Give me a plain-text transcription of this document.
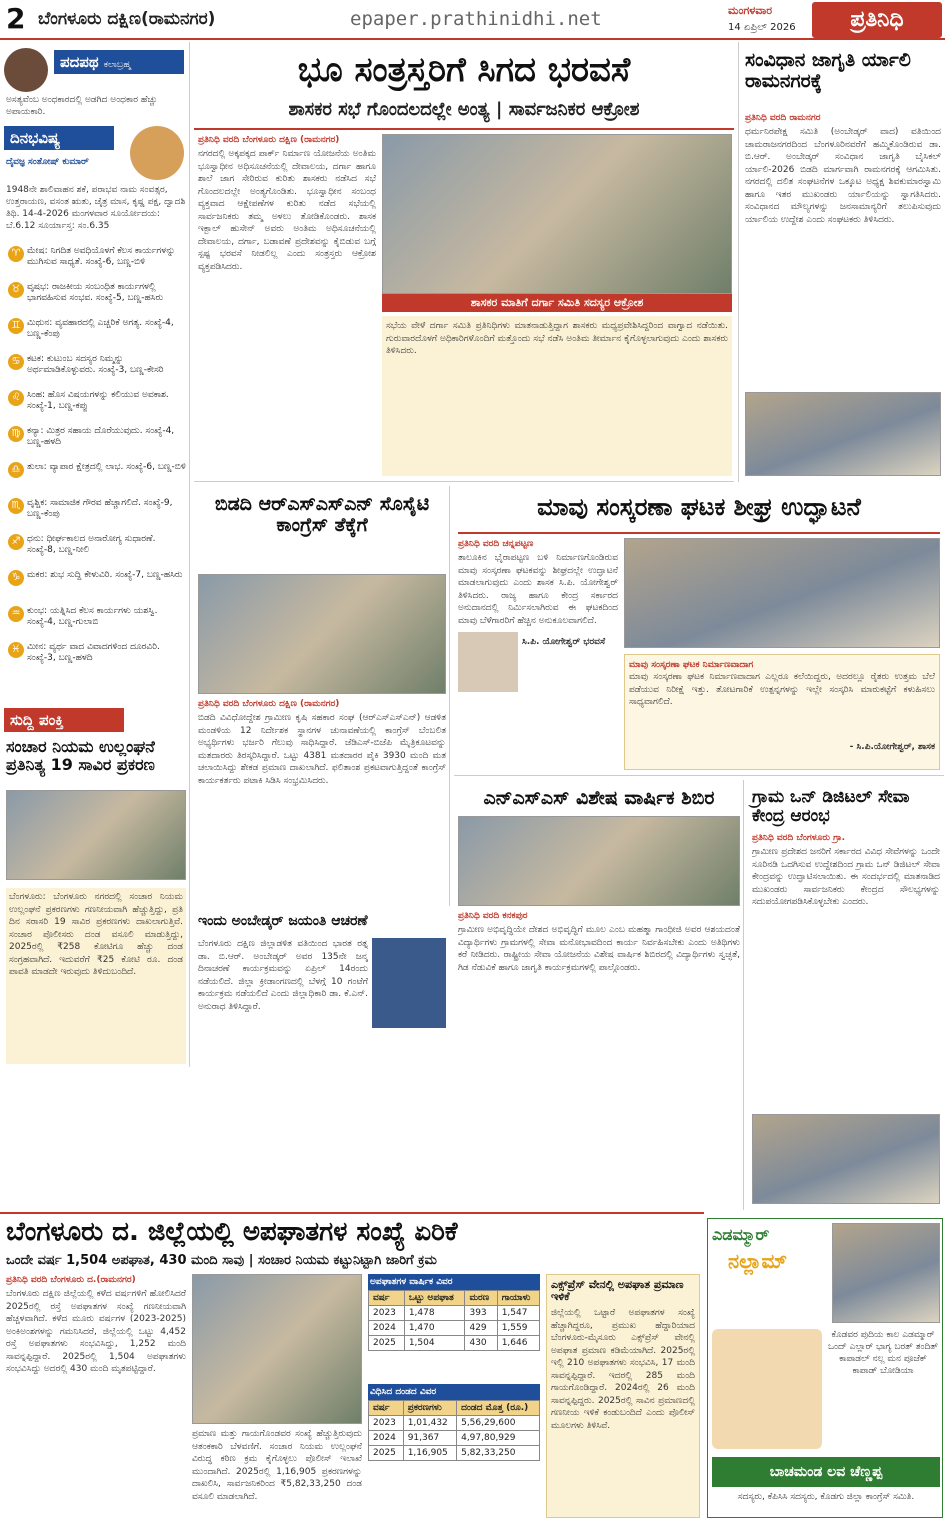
2 ಬೆಂಗಳೂರು ದಕ್ಷಿಣ(ರಾಮನಗರ)	epaper.prathinidhi.net	ಮಂಗಳವಾರ
14 ಏಪ್ರಿಲ್ 2026	ಪ್ರತಿನಿಧಿ
ಪದಪಥ ಕಲಾಬ್ರಹ್ಮ
ಅಸತ್ಯವೆಂಬ ಅಂಧಕಾರದಲ್ಲಿ ಅಡಗಿದ ಅಂಧಕಾರ ಹೆಚ್ಚು ಅಪಾಯಕಾರಿ.
ದಿನಭವಿಷ್ಯ
ದೈವಜ್ಞ ಸಂತೋಷ್ ಕುಮಾರ್
1948ನೇ ಶಾಲಿವಾಹನ ಶಕೆ, ಪರಾಭವ ನಾಮ ಸಂವತ್ಸರ, ಉತ್ತರಾಯಣ, ವಸಂತ ಋತು, ಚೈತ್ರ ಮಾಸ, ಕೃಷ್ಣ ಪಕ್ಷ, ದ್ವಾದಶಿ ತಿಥಿ. 14-4-2026 ಮಂಗಳವಾರ ಸೂರ್ಯೋದಯ: ಬೆ.6.12 ಸೂರ್ಯಾಸ್ತ: ಸಂ.6.35
♈ ಮೇಷ: ನಿಗದಿತ ಅವಧಿಯೊಳಗೆ ಕೆಲಸ ಕಾರ್ಯಗಳನ್ನು ಮುಗಿಸುವ ಸಾಧ್ಯತೆ. ಸಂಖ್ಯೆ-6, ಬಣ್ಣ-ಬಿಳಿ
♉ ವೃಷಭ: ರಾಜಕೀಯ ಸಂಬಂಧಿತ ಕಾರ್ಯಗಳಲ್ಲಿ ಭಾಗವಹಿಸುವ ಸಂಭವ. ಸಂಖ್ಯೆ-5, ಬಣ್ಣ-ಹಸಿರು
♊ ಮಿಥುನ: ವ್ಯವಹಾರದಲ್ಲಿ ಎಚ್ಚರಿಕೆ ಅಗತ್ಯ. ಸಂಖ್ಯೆ-4, ಬಣ್ಣ-ಕೆಂಪು
♋ ಕಟಕ: ಕುಟುಂಬ ಸದಸ್ಯರ ನಿಮ್ಮನ್ನು ಅರ್ಥಮಾಡಿಕೊಳ್ಳುವರು. ಸಂಖ್ಯೆ-3, ಬಣ್ಣ-ಕೇಸರಿ
♌ ಸಿಂಹ: ಹೊಸ ವಿಷಯಗಳನ್ನು ಕಲಿಯುವ ಅವಕಾಶ. ಸಂಖ್ಯೆ-1, ಬಣ್ಣ-ಕಪ್ಪು
♍ ಕನ್ಯಾ: ಮಿತ್ರರ ಸಹಾಯ ದೊರೆಯುವುದು. ಸಂಖ್ಯೆ-4, ಬಣ್ಣ-ಹಳದಿ
♎ ತುಲಾ: ವ್ಯಾಪಾರ ಕ್ಷೇತ್ರದಲ್ಲಿ ಲಾಭ. ಸಂಖ್ಯೆ-6, ಬಣ್ಣ-ಬಿಳಿ
♏ ವೃಶ್ಚಿಕ: ಸಾಮಾಜಿಕ ಗೌರವ ಹೆಚ್ಚಾಗಲಿದೆ. ಸಂಖ್ಯೆ-9, ಬಣ್ಣ-ಕೆಂಪು
♐ ಧನು: ಧೀರ್ಘಕಾಲದ ಅನಾರೋಗ್ಯ ಸುಧಾರಣೆ. ಸಂಖ್ಯೆ-8, ಬಣ್ಣ-ನೀಲಿ
♑ ಮಕರ: ಶುಭ ಸುದ್ದಿ ಕೇಳುವಿರಿ. ಸಂಖ್ಯೆ-7, ಬಣ್ಣ-ಹಸಿರು
♒ ಕುಂಭ: ಯತ್ನಿಸಿದ ಕೆಲಸ ಕಾರ್ಯಗಳು ಯಶಸ್ವಿ. ಸಂಖ್ಯೆ-4, ಬಣ್ಣ-ಗುಲಾಬಿ
♓ ಮೀನ: ವ್ಯರ್ಥ ವಾದ ವಿವಾದಗಳಿಂದ ದೂರವಿರಿ. ಸಂಖ್ಯೆ-3, ಬಣ್ಣ-ಹಳದಿ
ಸುದ್ದಿ ಪಂಕ್ತಿ
ಸಂಚಾರ ನಿಯಮ ಉಲ್ಲಂಘನೆ ಪ್ರತಿನಿತ್ಯ 19 ಸಾವಿರ ಪ್ರಕರಣ
ಬೆಂಗಳೂರು: ಬೆಂಗಳೂರು ನಗರದಲ್ಲಿ ಸಂಚಾರ ನಿಯಮ ಉಲ್ಲಂಘನೆ ಪ್ರಕರಣಗಳು ಗಣನೀಯವಾಗಿ ಹೆಚ್ಚುತ್ತಿದ್ದು, ಪ್ರತಿ ದಿನ ಸರಾಸರಿ 19 ಸಾವಿರ ಪ್ರಕರಣಗಳು ದಾಖಲಾಗುತ್ತಿವೆ. ಸಂಚಾರ ಪೊಲೀಸರು ದಂಡ ವಸೂಲಿ ಮಾಡುತ್ತಿದ್ದು, 2025ರಲ್ಲಿ ₹258 ಕೋಟಿಗೂ ಹೆಚ್ಚು ದಂಡ ಸಂಗ್ರಹವಾಗಿದೆ. ಇದುವರೆಗೆ ₹25 ಕೋಟಿ ರೂ. ದಂಡ ಪಾವತಿ ಮಾಡದೇ ಇರುವುದು ತಿಳಿದುಬಂದಿದೆ.
ಭೂ ಸಂತ್ರಸ್ತರಿಗೆ ಸಿಗದ ಭರವಸೆ
ಶಾಸಕರ ಸಭೆ ಗೊಂದಲದಲ್ಲೇ ಅಂತ್ಯ | ಸಾರ್ವಜನಿಕರ ಆಕ್ರೋಶ
ಪ್ರತಿನಿಧಿ ವರದಿ ಬೆಂಗಳೂರು ದಕ್ಷಿಣ (ರಾಮನಗರ)
ನಗರದಲ್ಲಿ ಅಕ್ಕಪಕ್ಕದ ಪಾರ್ಕ್ ನಿರ್ಮಾಣ ಯೋಜನೆಯ ಅಂತಿಮ ಭೂಸ್ವಾಧೀನ ಅಧಿಸೂಚನೆಯಲ್ಲಿ ದೇವಾಲಯ, ದರ್ಗಾ ಹಾಗೂ ಶಾಲೆ ಜಾಗ ಸೇರಿರುವ ಕುರಿತು ಶಾಸಕರು ನಡೆಸಿದ ಸಭೆ ಗೊಂದಲದಲ್ಲೇ ಅಂತ್ಯಗೊಂಡಿತು. ಭೂಸ್ವಾಧೀನ ಸಂಬಂಧ ವ್ಯಕ್ತವಾದ ಆಕ್ಷೇಪಣೆಗಳ ಕುರಿತು ನಡೆದ ಸಭೆಯಲ್ಲಿ ಸಾರ್ವಜನಿಕರು ತಮ್ಮ ಅಳಲು ತೋಡಿಕೊಂಡರು. ಶಾಸಕ ಇಕ್ಬಾಲ್ ಹುಸೇನ್ ಅವರು ಅಂತಿಮ ಅಧಿಸೂಚನೆಯಲ್ಲಿ ದೇವಾಲಯ, ದರ್ಗಾ, ಬಡಾವಣೆ ಪ್ರದೇಶವನ್ನು ಕೈಬಿಡುವ ಬಗ್ಗೆ ಸ್ಪಷ್ಟ ಭರವಸೆ ನೀಡಲಿಲ್ಲ ಎಂದು ಸಂತ್ರಸ್ತರು ಆಕ್ರೋಶ ವ್ಯಕ್ತಪಡಿಸಿದರು.
ಶಾಸಕರ ಮಾತಿಗೆ ದರ್ಗಾ ಸಮಿತಿ ಸದಸ್ಯರ ಆಕ್ರೋಶ
ಸಭೆಯ ವೇಳೆ ದರ್ಗಾ ಸಮಿತಿ ಪ್ರತಿನಿಧಿಗಳು ಮಾತನಾಡುತ್ತಿದ್ದಾಗ ಶಾಸಕರು ಮಧ್ಯಪ್ರವೇಶಿಸಿದ್ದರಿಂದ ವಾಗ್ವಾದ ನಡೆಯಿತು. ಗುರುವಾರದೊಳಗೆ ಅಧಿಕಾರಿಗಳೊಂದಿಗೆ ಮತ್ತೊಂದು ಸಭೆ ನಡೆಸಿ ಅಂತಿಮ ತೀರ್ಮಾನ ಕೈಗೊಳ್ಳಲಾಗುವುದು ಎಂದು ಶಾಸಕರು ತಿಳಿಸಿದರು.
ಸಂವಿಧಾನ ಜಾಗೃತಿ ರ್ಯಾಲಿ ರಾಮನಗರಕ್ಕೆ
ಪ್ರತಿನಿಧಿ ವರದಿ ರಾಮನಗರ
ಧರ್ಮನಿರಪೇಕ್ಷ ಸಮಿತಿ (ಅಂಬೇಡ್ಕರ್ ವಾದ) ವತಿಯಿಂದ ಚಾಮರಾಜನಗರದಿಂದ ಬೆಂಗಳೂರಿನವರೆಗೆ ಹಮ್ಮಿಕೊಂಡಿರುವ ಡಾ. ಬಿ.ಆರ್. ಅಂಬೇಡ್ಕರ್ ಸಂವಿಧಾನ ಜಾಗೃತಿ ಬೈಸಿಕಲ್ ರ್ಯಾಲಿ-2026 ಬಿಡದಿ ಮಾರ್ಗವಾಗಿ ರಾಮನಗರಕ್ಕೆ ಆಗಮಿಸಿತು. ನಗರದಲ್ಲಿ ದಲಿತ ಸಂಘಟನೆಗಳ ಒಕ್ಕೂಟ ಅಧ್ಯಕ್ಷ ಶಿವಕುಮಾರಸ್ವಾಮಿ ಹಾಗೂ ಇತರ ಮುಖಂಡರು ರ್ಯಾಲಿಯನ್ನು ಸ್ವಾಗತಿಸಿದರು. ಸಂವಿಧಾನದ ಮೌಲ್ಯಗಳನ್ನು ಜನಸಾಮಾನ್ಯರಿಗೆ ತಲುಪಿಸುವುದು ರ್ಯಾಲಿಯ ಉದ್ದೇಶ ಎಂದು ಸಂಘಟಕರು ತಿಳಿಸಿದರು.
ಬಿಡದಿ ಆರ್‌ಎಸ್‌ಎಸ್‌ಎನ್ ಸೊಸೈಟಿ ಕಾಂಗ್ರೆಸ್ ತೆಕ್ಕೆಗೆ
ಪ್ರತಿನಿಧಿ ವರದಿ ಬೆಂಗಳೂರು ದಕ್ಷಿಣ (ರಾಮನಗರ)
ಬಿಡದಿ ವಿವಿಧೋದ್ದೇಶ ಗ್ರಾಮೀಣ ಕೃಷಿ ಸಹಕಾರ ಸಂಘ (ಆರ್‌ಎಸ್‌ಎಸ್‌ಎನ್) ಆಡಳಿತ ಮಂಡಳಿಯ 12 ನಿರ್ದೇಶಕ ಸ್ಥಾನಗಳ ಚುನಾವಣೆಯಲ್ಲಿ ಕಾಂಗ್ರೆಸ್ ಬೆಂಬಲಿತ ಅಭ್ಯರ್ಥಿಗಳು ಭರ್ಜರಿ ಗೆಲುವು ಸಾಧಿಸಿದ್ದಾರೆ. ಜೆಡಿಎಸ್-ಬಿಜೆಪಿ ಮೈತ್ರಿಕೂಟವನ್ನು ಮತದಾರರು ತಿರಸ್ಕರಿಸಿದ್ದಾರೆ. ಒಟ್ಟು 4381 ಮತದಾರರ ಪೈಕಿ 3930 ಮಂದಿ ಮತ ಚಲಾಯಿಸಿದ್ದು ಶೇಕಡ ಪ್ರಮಾಣ ದಾಖಲಾಗಿದೆ. ಫಲಿತಾಂಶ ಪ್ರಕಟವಾಗುತ್ತಿದ್ದಂತೆ ಕಾಂಗ್ರೆಸ್ ಕಾರ್ಯಕರ್ತರು ಪಟಾಕಿ ಸಿಡಿಸಿ ಸಂಭ್ರಮಿಸಿದರು.
ಮಾವು ಸಂಸ್ಕರಣಾ ಘಟಕ ಶೀಘ್ರ ಉದ್ಘಾಟನೆ
ಪ್ರತಿನಿಧಿ ವರದಿ ಚನ್ನಪಟ್ಟಣ
ತಾಲೂಕಿನ ಭೈರಾಪಟ್ಟಣ ಬಳಿ ನಿರ್ಮಾಣಗೊಂಡಿರುವ ಮಾವು ಸಂಸ್ಕರಣಾ ಘಟಕವನ್ನು ಶೀಘ್ರದಲ್ಲೇ ಉದ್ಘಾಟನೆ ಮಾಡಲಾಗುವುದು ಎಂದು ಶಾಸಕ ಸಿ.ಪಿ. ಯೋಗೇಶ್ವರ್ ತಿಳಿಸಿದರು. ರಾಜ್ಯ ಹಾಗೂ ಕೇಂದ್ರ ಸರ್ಕಾರದ ಅನುದಾನದಲ್ಲಿ ನಿರ್ಮಿಸಲಾಗಿರುವ ಈ ಘಟಕದಿಂದ ಮಾವು ಬೆಳೆಗಾರರಿಗೆ ಹೆಚ್ಚಿನ ಅನುಕೂಲವಾಗಲಿದೆ.
ಸಿ.ಪಿ. ಯೋಗೇಶ್ವರ್ ಭರವಸೆ
ಮಾವು ಸಂಸ್ಕರಣಾ ಘಟಕ ನಿರ್ಮಾಣವಾದಾಗ
ಮಾವು ಸಂಸ್ಕರಣಾ ಘಟಕ ನಿರ್ಮಾಣವಾದಾಗ ಎಲ್ಲರೂ ಕಲೆಯಿದ್ದರು, ಅದರಲ್ಲೂ ರೈತರು ಉತ್ತಮ ಬೆಲೆ ಪಡೆಯುವ ನಿರೀಕ್ಷೆ ಇತ್ತು. ತೋಟಗಾರಿಕೆ ಉತ್ಪನ್ನಗಳನ್ನು ಇಲ್ಲೇ ಸಂಸ್ಕರಿಸಿ ಮಾರುಕಟ್ಟೆಗೆ ಕಳುಹಿಸಲು ಸಾಧ್ಯವಾಗಲಿದೆ.
- ಸಿ.ಪಿ.ಯೋಗೇಶ್ವರ್, ಶಾಸಕ
ಎನ್‌ಎಸ್‌ಎಸ್ ವಿಶೇಷ ವಾರ್ಷಿಕ ಶಿಬಿರ
ಪ್ರತಿನಿಧಿ ವರದಿ ಕನಕಪುರ
ಗ್ರಾಮೀಣ ಅಭಿವೃದ್ಧಿಯೇ ದೇಶದ ಅಭಿವೃದ್ಧಿಗೆ ಮೂಲ ಎಂಬ ಮಹತ್ಮಾ ಗಾಂಧೀಜಿ ಅವರ ಆಶಯದಂತೆ ವಿದ್ಯಾರ್ಥಿಗಳು ಗ್ರಾಮಗಳಲ್ಲಿ ಸೇವಾ ಮನೋಭಾವದಿಂದ ಕಾರ್ಯ ನಿರ್ವಹಿಸಬೇಕು ಎಂದು ಅತಿಥಿಗಳು ಕರೆ ನೀಡಿದರು. ರಾಷ್ಟ್ರೀಯ ಸೇವಾ ಯೋಜನೆಯ ವಿಶೇಷ ವಾರ್ಷಿಕ ಶಿಬಿರದಲ್ಲಿ ವಿದ್ಯಾರ್ಥಿಗಳು ಸ್ವಚ್ಛತೆ, ಗಿಡ ನೆಡುವಿಕೆ ಹಾಗೂ ಜಾಗೃತಿ ಕಾರ್ಯಕ್ರಮಗಳಲ್ಲಿ ಪಾಲ್ಗೊಂಡರು.
ಗ್ರಾಮ ಒನ್ ಡಿಜಿಟಲ್ ಸೇವಾ ಕೇಂದ್ರ ಆರಂಭ
ಪ್ರತಿನಿಧಿ ವರದಿ ಬೆಂಗಳೂರು ಗ್ರಾ.
ಗ್ರಾಮೀಣ ಪ್ರದೇಶದ ಜನರಿಗೆ ಸರ್ಕಾರದ ವಿವಿಧ ಸೇವೆಗಳನ್ನು ಒಂದೇ ಸೂರಿನಡಿ ಒದಗಿಸುವ ಉದ್ದೇಶದಿಂದ ಗ್ರಾಮ ಒನ್ ಡಿಜಿಟಲ್ ಸೇವಾ ಕೇಂದ್ರವನ್ನು ಉದ್ಘಾಟಿಸಲಾಯಿತು. ಈ ಸಂದರ್ಭದಲ್ಲಿ ಮಾತನಾಡಿದ ಮುಖಂಡರು ಸಾರ್ವಜನಿಕರು ಕೇಂದ್ರದ ಸೌಲಭ್ಯಗಳನ್ನು ಸದುಪಯೋಗಪಡಿಸಿಕೊಳ್ಳಬೇಕು ಎಂದರು.
ಇಂದು ಅಂಬೇಡ್ಕರ್ ಜಯಂತಿ ಆಚರಣೆ
ಬೆಂಗಳೂರು ದಕ್ಷಿಣ ಜಿಲ್ಲಾಡಳಿತ ವತಿಯಿಂದ ಭಾರತ ರತ್ನ ಡಾ. ಬಿ.ಆರ್. ಅಂಬೇಡ್ಕರ್ ಅವರ 135ನೇ ಜನ್ಮ ದಿನಾಚರಣೆ ಕಾರ್ಯಕ್ರಮವನ್ನು ಏಪ್ರಿಲ್ 14ರಂದು ನಡೆಯಲಿದೆ. ಜಿಲ್ಲಾ ಕ್ರೀಡಾಂಗಣದಲ್ಲಿ ಬೆಳಗ್ಗೆ 10 ಗಂಟೆಗೆ ಕಾರ್ಯಕ್ರಮ ನಡೆಯಲಿದೆ ಎಂದು ಜಿಲ್ಲಾಧಿಕಾರಿ ಡಾ. ಕೆ.ಎನ್. ಅನುರಾಧ ತಿಳಿಸಿದ್ದಾರೆ.
ಬೆಂಗಳೂರು ದ. ಜಿಲ್ಲೆಯಲ್ಲಿ ಅಪಘಾತಗಳ ಸಂಖ್ಯೆ ಏರಿಕೆ
ಒಂದೇ ವರ್ಷ 1,504 ಅಪಘಾತ, 430 ಮಂದಿ ಸಾವು | ಸಂಚಾರ ನಿಯಮ ಕಟ್ಟುನಿಟ್ಟಾಗಿ ಜಾರಿಗೆ ಕ್ರಮ
ಪ್ರತಿನಿಧಿ ವರದಿ ಬೆಂಗಳೂರು ದ.(ರಾಮನಗರ)
ಬೆಂಗಳೂರು ದಕ್ಷಿಣ ಜಿಲ್ಲೆಯಲ್ಲಿ ಕಳೆದ ವರ್ಷಗಳಿಗೆ ಹೋಲಿಸಿದರೆ 2025ರಲ್ಲಿ ರಸ್ತೆ ಅಪಘಾತಗಳ ಸಂಖ್ಯೆ ಗಣನೀಯವಾಗಿ ಹೆಚ್ಚಳವಾಗಿದೆ. ಕಳೆದ ಮೂರು ವರ್ಷಗಳ (2023-2025) ಅಂಕಿಅಂಶಗಳನ್ನು ಗಮನಿಸಿದರೆ, ಜಿಲ್ಲೆಯಲ್ಲಿ ಒಟ್ಟು 4,452 ರಸ್ತೆ ಅಪಘಾತಗಳು ಸಂಭವಿಸಿದ್ದು, 1,252 ಮಂದಿ ಸಾವನ್ನಪ್ಪಿದ್ದಾರೆ. 2025ರಲ್ಲಿ 1,504 ಅಪಘಾತಗಳು ಸಂಭವಿಸಿದ್ದು ಅದರಲ್ಲಿ 430 ಮಂದಿ ಮೃತಪಟ್ಟಿದ್ದಾರೆ.
ಪ್ರಮಾಣ ಮತ್ತು ಗಾಯಗೊಂಡವರ ಸಂಖ್ಯೆ ಹೆಚ್ಚುತ್ತಿರುವುದು ಆತಂಕಕಾರಿ ಬೆಳವಣಿಗೆ. ಸಂಚಾರ ನಿಯಮ ಉಲ್ಲಂಘನೆ ವಿರುದ್ಧ ಕಠಿಣ ಕ್ರಮ ಕೈಗೊಳ್ಳಲು ಪೊಲೀಸ್ ಇಲಾಖೆ ಮುಂದಾಗಿದೆ. 2025ರಲ್ಲಿ 1,16,905 ಪ್ರಕರಣಗಳನ್ನು ದಾಖಲಿಸಿ, ಸಾರ್ವಜನಿಕರಿಂದ ₹5,82,33,250 ದಂಡ ವಸೂಲಿ ಮಾಡಲಾಗಿದೆ.
ಅಪಘಾತಗಳ ವಾರ್ಷಿಕ ವಿವರ
ವರ್ಷ	ಒಟ್ಟು ಅಪಘಾತ	ಮರಣ	ಗಾಯಾಳು
2023	1,478	393	1,547
2024	1,470	429	1,559
2025	1,504	430	1,646
ವಿಧಿಸಿದ ದಂಡದ ವಿವರ
ವರ್ಷ	ಪ್ರಕರಣಗಳು	ದಂಡದ ಮೊತ್ತ (ರೂ.)
2023	1,01,432	5,56,29,600
2024	91,367	4,97,80,929
2025	1,16,905	5,82,33,250
ಎಕ್ಸ್‌ಪ್ರೆಸ್ ವೇನಲ್ಲಿ ಅಪಘಾತ ಪ್ರಮಾಣ ಇಳಿಕೆ
ಜಿಲ್ಲೆಯಲ್ಲಿ ಒಟ್ಟಾರೆ ಅಪಘಾತಗಳ ಸಂಖ್ಯೆ ಹೆಚ್ಚಾಗಿದ್ದರೂ, ಪ್ರಮುಖ ಹೆದ್ದಾರಿಯಾದ ಬೆಂಗಳೂರು-ಮೈಸೂರು ಎಕ್ಸ್‌ಪ್ರೆಸ್ ವೇನಲ್ಲಿ ಅಪಘಾತ ಪ್ರಮಾಣ ಕಡಿಮೆಯಾಗಿದೆ. 2025ರಲ್ಲಿ ಇಲ್ಲಿ 210 ಅಪಘಾತಗಳು ಸಂಭವಿಸಿ, 17 ಮಂದಿ ಸಾವನ್ನಪ್ಪಿದ್ದಾರೆ. ಇದರಲ್ಲಿ 285 ಮಂದಿ ಗಾಯಗೊಂಡಿದ್ದಾರೆ. 2024ರಲ್ಲಿ 26 ಮಂದಿ ಸಾವನ್ನಪ್ಪಿದ್ದರು. 2025ರಲ್ಲಿ ಸಾವಿನ ಪ್ರಮಾಣದಲ್ಲಿ ಗಣನೀಯ ಇಳಿಕೆ ಕಂಡುಬಂದಿದೆ ಎಂದು ಪೊಲೀಸ್ ಮೂಲಗಳು ತಿಳಿಸಿವೆ.
ಎಡಮ್ಮಾರ್
ನಲ್ಲಾಮ್
ಕೊಡವರ ಪುದಿಯ ಕಾಲ ಎಡಮ್ಮಾರ್ ಒಂದ್ ಎಲ್ಲಾರ್ ಭಾಗ್ಯ ಬರತ್ ತಂದಿತ್ ಕಾಪಾಡಲ್ ನಲ್ಲ ಮನ ಪೂಜೆಕ್ ಕಾಪಾಡ್ ಬೋಡಿಯಾ
ಬಾಚಮಂಡ ಲವ ಚೆಣ್ಣಪ್ಪ
ಸದಸ್ಯರು, ಕೆಪಿಸಿಸಿ ಸದಸ್ಯರು, ಕೊಡಗು ಜಿಲ್ಲಾ ಕಾಂಗ್ರೆಸ್ ಸಮಿತಿ.
